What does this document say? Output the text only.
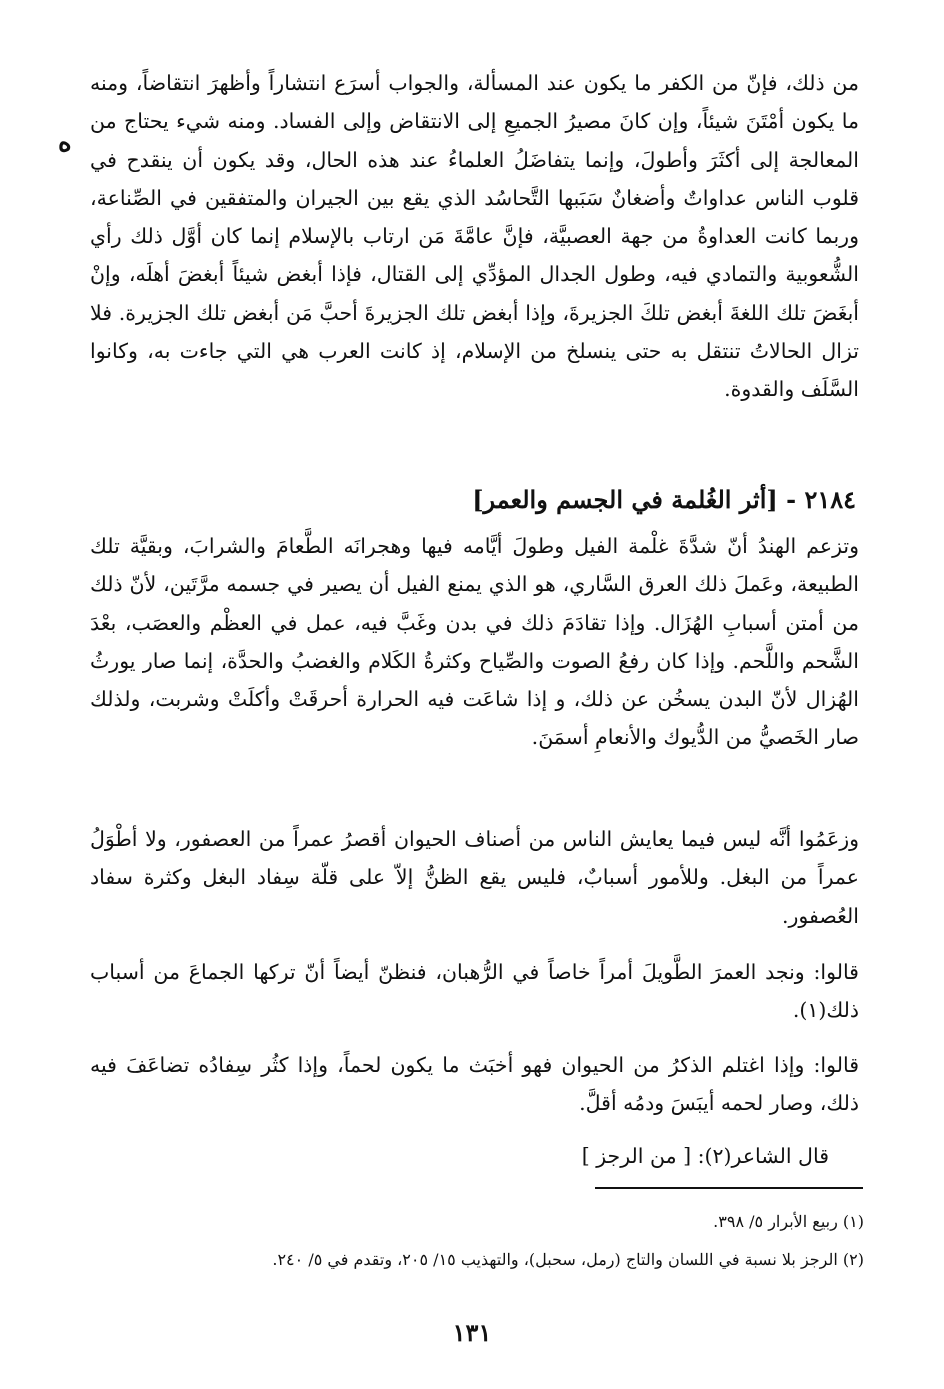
ه

من ذلك، فإنّ من الكفر ما يكون عند المسألة، والجواب أسرَع انتشاراً وأظهرَ انتقاضاً، ومنه ما يكون أمْتَنَ شيئاً، وإن كانَ مصيرُ الجميعِ إلى الانتقاض وإلى الفساد. ومنه شيء يحتاج من المعالجة إلى أكثَرَ وأطولَ، وإنما يتفاضَلُ العلماءُ عند هذه الحال، وقد يكون أن ينقدح في قلوب الناس عداواتٌ وأضغانٌ سَبَبها التَّحاسُد الذي يقع بين الجيران والمتفقين في الصِّناعة، وربما كانت العداوةُ من جهة العصبيَّة، فإنَّ عامَّةَ مَن ارتاب بالإسلام إنما كان أوَّل ذلك رأي الشُّعوبية والتمادي فيه، وطول الجدال المؤدِّي إلى القتال، فإذا أبغض شيئاً أبغضَ أهلَه، وإنْ أبغَضَ تلك اللغةَ أبغض تلكَ الجزيرةَ، وإذا أبغض تلك الجزيرةَ أحبَّ مَن أبغض تلك الجزيرة. فلا تزال الحالاتُ تنتقل به حتى ينسلخ من الإسلام، إذ كانت العرب هي التي جاءت به، وكانوا السَّلَف والقدوة.

٢١٨٤ - [أثر الغُلمة في الجسم والعمر]

وتزعم الهندُ أنّ شدَّةَ غلْمة الفيل وطولَ أيَّامه فيها وهجرانَه الطَّعامَ والشرابَ، وبقيَّة تلك الطبيعة، وعَملَ ذلك العرق السَّاري، هو الذي يمنع الفيل أن يصير في جسمه مرَّتَين، لأنّ ذلك من أمتن أسبابِ الهُزَال. وإذا تقادَمَ ذلك في بدن وغَبَّ فيه، عمل في العظْم والعصَب، بعْدَ الشَّحم واللَّحم. وإذا كان رفعُ الصوت والصِّياح وكثرةُ الكَلام والغضبُ والحدَّة، إنما صار يورثُ الهُزال لأنّ البدن يسخُن عن ذلك، و إذا شاعَت فيه الحرارة أحرقَتْ وأكلَتْ وشربت، ولذلك صار الخَصيُّ من الدُّيوك والأنعامِ أسمَنَ.

وزعَمُوا أنَّه ليس فيما يعايش الناس من أصناف الحيوان أقصرُ عمراً من العصفور، ولا أطْوَلُ عمراً من البغل. وللأمور أسبابٌ، فليس يقع الظنُّ إلاّ على قلّة سِفاد البغل وكثرة سفاد العُصفور.

قالوا: ونجد العمرَ الطَّويلَ أمراً خاصاً في الرُّهبان، فنظنّ أيضاً أنّ تركها الجماعَ من أسباب ذلك(١).

قالوا: وإذا اغتلم الذكرُ من الحيوان فهو أخبَث ما يكون لحماً، وإذا كثُر سِفادُه تضاعَفَ فيه ذلك، وصار لحمه أيبَسَ ودمُه أقلَّ.

قال الشاعر(٢): [ من الرجز ]

(١) ربيع الأبرار ٥/ ٣٩٨.
(٢) الرجز بلا نسبة في اللسان والتاج (رمل، سحبل)، والتهذيب ١٥/ ٢٠٥، وتقدم في ٥/ ٢٤٠.
١٣١
